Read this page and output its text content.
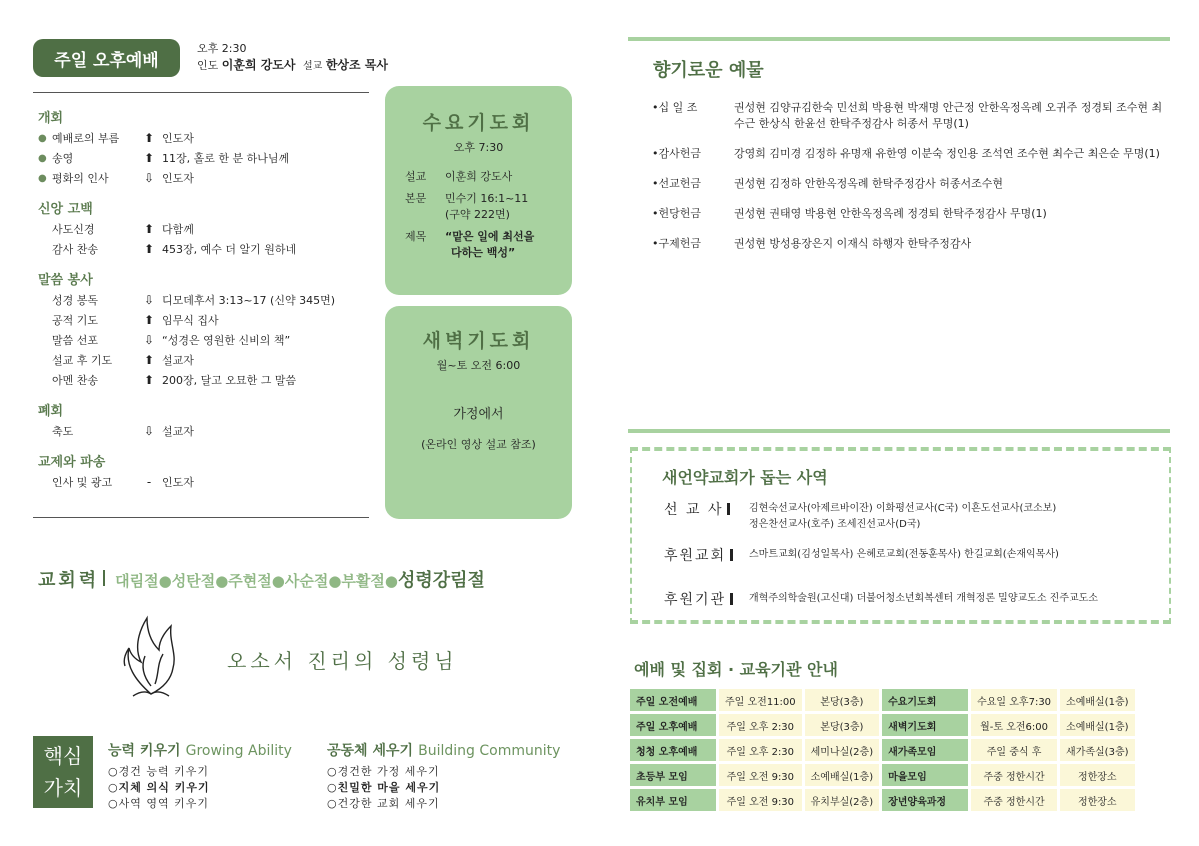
주일 오후예배
오후 2:30
인도 이훈희 강도사 설교 한상조 목사
개회
● 예배로의 부름	⬆ 인도자
● 송영	⬆ 11장, 홀로 한 분 하나님께
● 평화의 인사	⇩ 인도자
신앙 고백
사도신경	⬆ 다함께
감사 찬송	⬆ 453장, 예수 더 알기 원하네
말씀 봉사
성경 봉독	⇩ 디모데후서 3:13~17 (신약 345면)
공적 기도	⬆ 임무식 집사
말씀 선포	⇩ “성경은 영원한 신비의 책”
설교 후 기도	⬆ 설교자
아멘 찬송	⬆ 200장, 달고 오묘한 그 말씀
폐회
축도	⇩ 설교자
교제와 파송
인사 및 광고	- 인도자
수요기도회
오후 7:30
설교	이훈희 강도사
본문	민수기 16:1~11
(구약 222면)
제목	“맡은 일에 최선을
다하는 백성”
새벽기도회
월~토 오전 6:00
가정에서
(온라인 영상 설교 참조)
교회력 대림절●성탄절●주현절●사순절●부활절● 성령강림절
오소서 진리의 성령님
핵심
가치
능력 키우기 Growing Ability
○경건 능력 키우기
○지체 의식 키우기
○사역 영역 키우기
공동체 세우기 Building Community
○경건한 가정 세우기
○친밀한 마을 세우기
○건강한 교회 세우기
향기로운 예물
•십 일 조	권성현 김양규김한숙 민선희 박용현 박재명 안근정 안한옥정옥례 오귀주 정경퇴 조수현 최수근 한상식 한윤선 한탁주정감사 허종서 무명(1)
•감사헌금	강영희 김미경 김정하 유명재 유한영 이분숙 정인용 조석연 조수현 최수근 최은순 무명(1)
•선교헌금	권성현 김정하 안한옥정옥례 한탁주정감사 허종서조수현
•헌당헌금	권성현 권태영 박용현 안한옥정옥례 정경퇴 한탁주정감사 무명(1)
•구제헌금	권성현 방성용장은지 이재식 하행자 한탁주정감사
새언약교회가 돕는 사역
선 교 사	김현숙선교사(아제르바이잔) 이화평선교사(C국) 이흔도선교사(코소보)
정은찬선교사(호주) 조세진선교사(D국)
후원교회 스마트교회(김성일목사) 은혜로교회(전동훈목사) 한길교회(손재익목사)
후원기관 개혁주의학술원(고신대) 더불어청소년회복센터 개혁정론 밀양교도소 진주교도소
예배 및 집회 · 교육기관 안내
주일 오전예배	주일 오전11:00	본당(3층)	수요기도회	수요일 오후7:30	소예배실(1층)
주일 오후예배	주일 오후 2:30	본당(3층)	새벽기도회	월-토 오전6:00	소예배실(1층)
청청 오후예배	주일 오후 2:30	세미나실(2층)	새가족모임	주일 중식 후	새가족실(3층)
초등부 모임	주일 오전 9:30	소예배실(1층)	마을모임	주중 정한시간	정한장소
유치부 모임	주일 오전 9:30	유치부실(2층)	장년양육과정	주중 정한시간	정한장소
